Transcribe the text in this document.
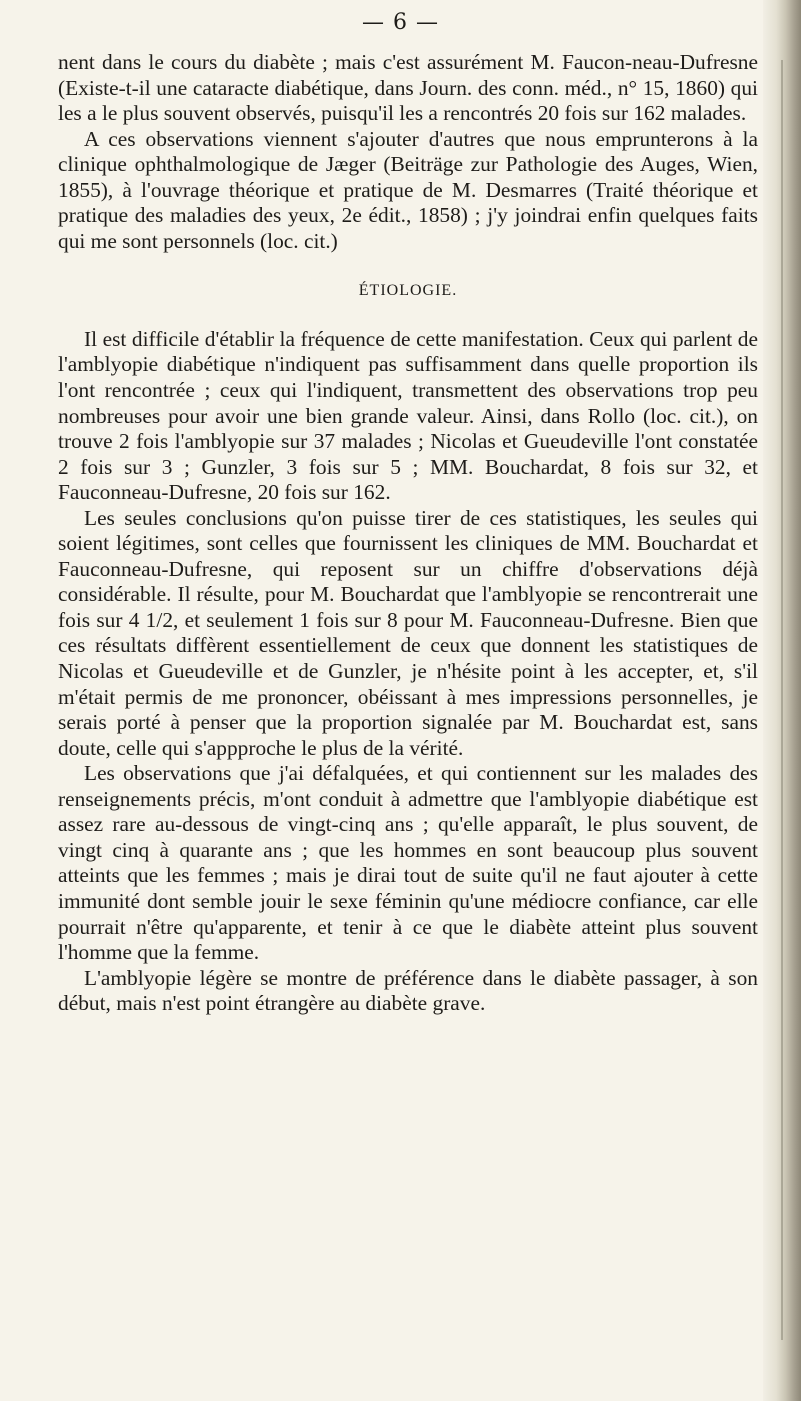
— 6 —

nent dans le cours du diabète ; mais c'est assurément M. Faucon-neau-Dufresne (Existe-t-il une cataracte diabétique, dans Journ. des conn. méd., n° 15, 1860) qui les a le plus souvent observés, puisqu'il les a rencontrés 20 fois sur 162 malades.

A ces observations viennent s'ajouter d'autres que nous emprunterons à la clinique ophthalmologique de Jæger (Beiträge zur Pathologie des Auges, Wien, 1855), à l'ouvrage théorique et pratique de M. Desmarres (Traité théorique et pratique des maladies des yeux, 2e édit., 1858) ; j'y joindrai enfin quelques faits qui me sont personnels (loc. cit.)

ÉTIOLOGIE.

Il est difficile d'établir la fréquence de cette manifestation. Ceux qui parlent de l'amblyopie diabétique n'indiquent pas suffisamment dans quelle proportion ils l'ont rencontrée ; ceux qui l'indiquent, transmettent des observations trop peu nombreuses pour avoir une bien grande valeur. Ainsi, dans Rollo (loc. cit.), on trouve 2 fois l'amblyopie sur 37 malades ; Nicolas et Gueudeville l'ont constatée 2 fois sur 3 ; Gunzler, 3 fois sur 5 ; MM. Bouchardat, 8 fois sur 32, et Fauconneau-Dufresne, 20 fois sur 162.

Les seules conclusions qu'on puisse tirer de ces statistiques, les seules qui soient légitimes, sont celles que fournissent les cliniques de MM. Bouchardat et Fauconneau-Dufresne, qui reposent sur un chiffre d'observations déjà considérable. Il résulte, pour M. Bouchardat que l'amblyopie se rencontrerait une fois sur 4 1/2, et seulement 1 fois sur 8 pour M. Fauconneau-Dufresne. Bien que ces résultats diffèrent essentiellement de ceux que donnent les statistiques de Nicolas et Gueudeville et de Gunzler, je n'hésite point à les accepter, et, s'il m'était permis de me prononcer, obéissant à mes impressions personnelles, je serais porté à penser que la proportion signalée par M. Bouchardat est, sans doute, celle qui s'appproche le plus de la vérité.

Les observations que j'ai défalquées, et qui contiennent sur les malades des renseignements précis, m'ont conduit à admettre que l'amblyopie diabétique est assez rare au-dessous de vingt-cinq ans ; qu'elle apparaît, le plus souvent, de vingt cinq à quarante ans ; que les hommes en sont beaucoup plus souvent atteints que les femmes ; mais je dirai tout de suite qu'il ne faut ajouter à cette immunité dont semble jouir le sexe féminin qu'une médiocre confiance, car elle pourrait n'être qu'apparente, et tenir à ce que le diabète atteint plus souvent l'homme que la femme.

L'amblyopie légère se montre de préférence dans le diabète passager, à son début, mais n'est point étrangère au diabète grave.
